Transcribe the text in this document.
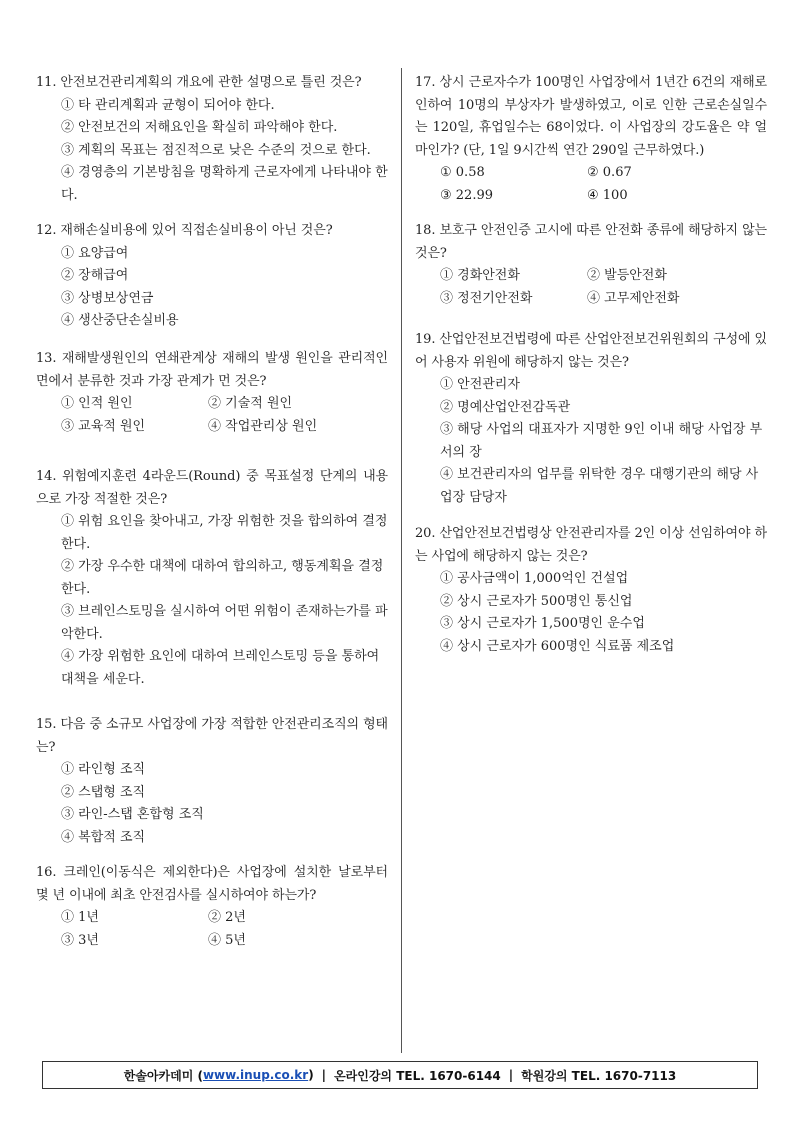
11. 안전보건관리계획의 개요에 관한 설명으로 틀린 것은?

① 타 관리계획과 균형이 되어야 한다.
② 안전보건의 저해요인을 확실히 파악해야 한다.
③ 계획의 목표는 점진적으로 낮은 수준의 것으로 한다.
④ 경영층의 기본방침을 명확하게 근로자에게 나타내야 한다.

12. 재해손실비용에 있어 직접손실비용이 아닌 것은?

① 요양급여
② 장해급여
③ 상병보상연금
④ 생산중단손실비용

13. 재해발생원인의 연쇄관계상 재해의 발생 원인을 관리적인 면에서 분류한 것과 가장 관계가 먼 것은?

① 인적 원인	② 기술적 원인
③ 교육적 원인	④ 작업관리상 원인

14. 위험예지훈련 4라운드(Round) 중 목표설정 단계의 내용으로 가장 적절한 것은?

① 위험 요인을 찾아내고, 가장 위험한 것을 합의하여 결정한다.
② 가장 우수한 대책에 대하여 합의하고, 행동계획을 결정한다.
③ 브레인스토밍을 실시하여 어떤 위험이 존재하는가를 파악한다.
④ 가장 위험한 요인에 대하여 브레인스토밍 등을 통하여 대책을 세운다.

15. 다음 중 소규모 사업장에 가장 적합한 안전관리조직의 형태는?

① 라인형 조직
② 스탭형 조직
③ 라인-스탭 혼합형 조직
④ 복합적 조직

16. 크레인(이동식은 제외한다)은 사업장에 설치한 날로부터 몇 년 이내에 최초 안전검사를 실시하여야 하는가?

① 1년	② 2년
③ 3년	④ 5년

17. 상시 근로자수가 100명인 사업장에서 1년간 6건의 재해로 인하여 10명의 부상자가 발생하였고, 이로 인한 근로손실일수는 120일, 휴업일수는 68이었다. 이 사업장의 강도율은 약 얼마인가? (단, 1일 9시간씩 연간 290일 근무하였다.)

① 0.58	② 0.67
③ 22.99	④ 100

18. 보호구 안전인증 고시에 따른 안전화 종류에 해당하지 않는 것은?

① 경화안전화	② 발등안전화
③ 정전기안전화	④ 고무제안전화

19. 산업안전보건법령에 따른 산업안전보건위원회의 구성에 있어 사용자 위원에 해당하지 않는 것은?

① 안전관리자
② 명예산업안전감독관
③ 해당 사업의 대표자가 지명한 9인 이내 해당 사업장 부서의 장
④ 보건관리자의 업무를 위탁한 경우 대행기관의 해당 사업장 담당자

20. 산업안전보건법령상 안전관리자를 2인 이상 선임하여야 하는 사업에 해당하지 않는 것은?

① 공사금액이 1,000억인 건설업
② 상시 근로자가 500명인 통신업
③ 상시 근로자가 1,500명인 운수업
④ 상시 근로자가 600명인 식료품 제조업
한솔아카데미 ( www.inup.co.kr ) | 온라인강의 TEL. 1670-6144 | 학원강의 TEL. 1670-7113
